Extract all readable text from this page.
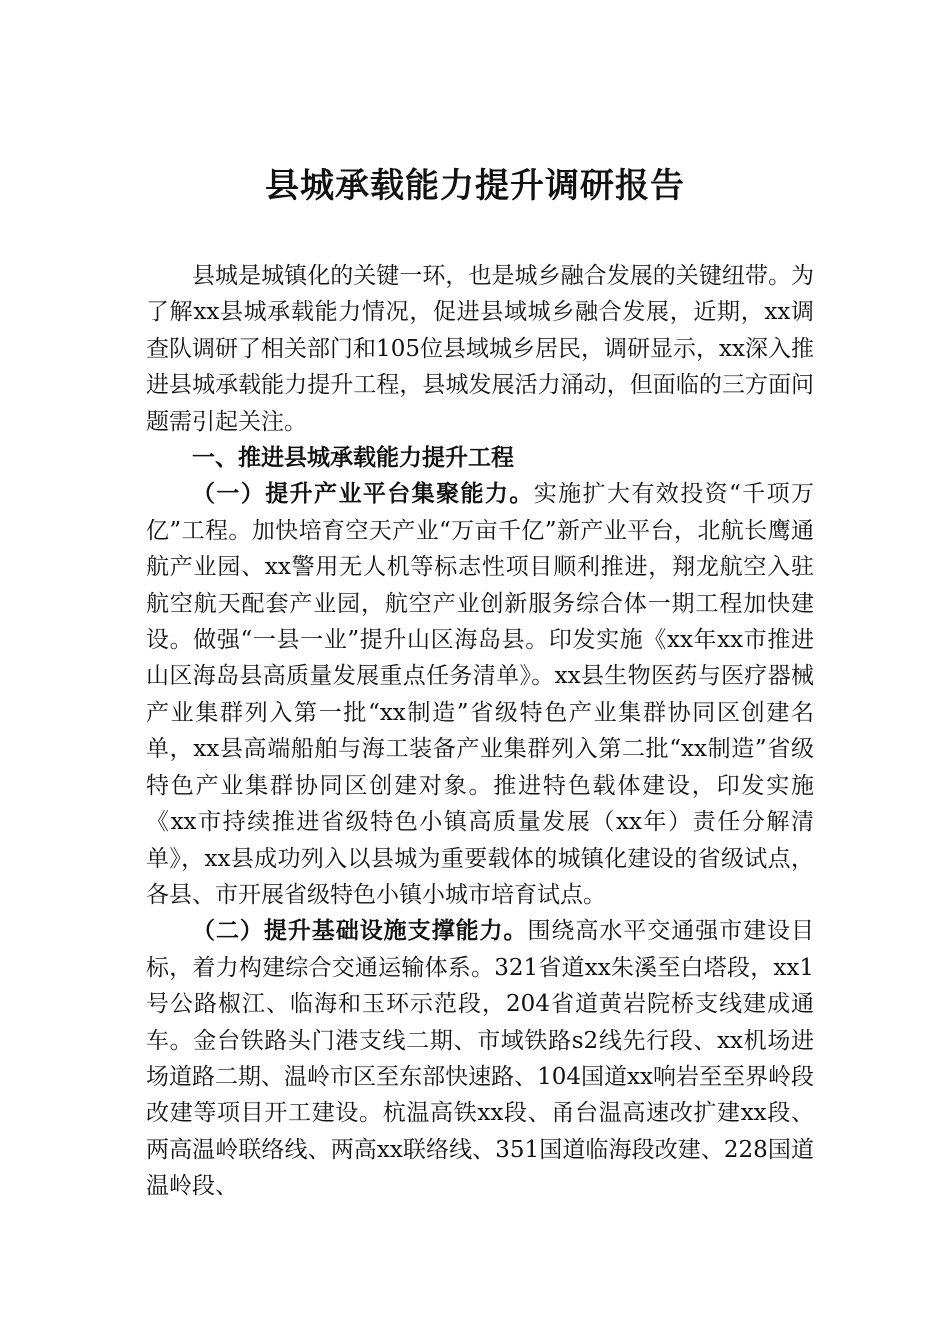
县城承载能力提升调研报告

县城是城镇化的关键一环，也是城乡融合发展的关键纽带。为了解xx县城承载能力情况，促进县域城乡融合发展，近期，xx调查队调研了相关部门和105位县域城乡居民，调研显示，xx深入推进县城承载能力提升工程，县城发展活力涌动，但面临的三方面问题需引起关注。

一、推进县城承载能力提升工程

（一）提升产业平台集聚能力。实施扩大有效投资“千项万亿”工程。加快培育空天产业“万亩千亿”新产业平台，北航长鹰通航产业园、xx警用无人机等标志性项目顺利推进，翔龙航空入驻航空航天配套产业园，航空产业创新服务综合体一期工程加快建设。做强“一县一业”提升山区海岛县。印发实施《xx年xx市推进山区海岛县高质量发展重点任务清单》。xx县生物医药与医疗器械产业集群列入第一批“xx制造”省级特色产业集群协同区创建名单，xx县高端船舶与海工装备产业集群列入第二批“xx制造”省级特色产业集群协同区创建对象。推进特色载体建设，印发实施《xx市持续推进省级特色小镇高质量发展（xx年）责任分解清单》，xx县成功列入以县城为重要载体的城镇化建设的省级试点，各县、市开展省级特色小镇小城市培育试点。

（二）提升基础设施支撑能力。围绕高水平交通强市建设目标，着力构建综合交通运输体系。321省道xx朱溪至白塔段，xx1号公路椒江、临海和玉环示范段，204省道黄岩院桥支线建成通车。金台铁路头门港支线二期、市域铁路s2线先行段、xx机场进场道路二期、温岭市区至东部快速路、104国道xx响岩至至界岭段改建等项目开工建设。杭温高铁xx段、甬台温高速改扩建xx段、两高温岭联络线、两高xx联络线、351国道临海段改建、228国道温岭段、
